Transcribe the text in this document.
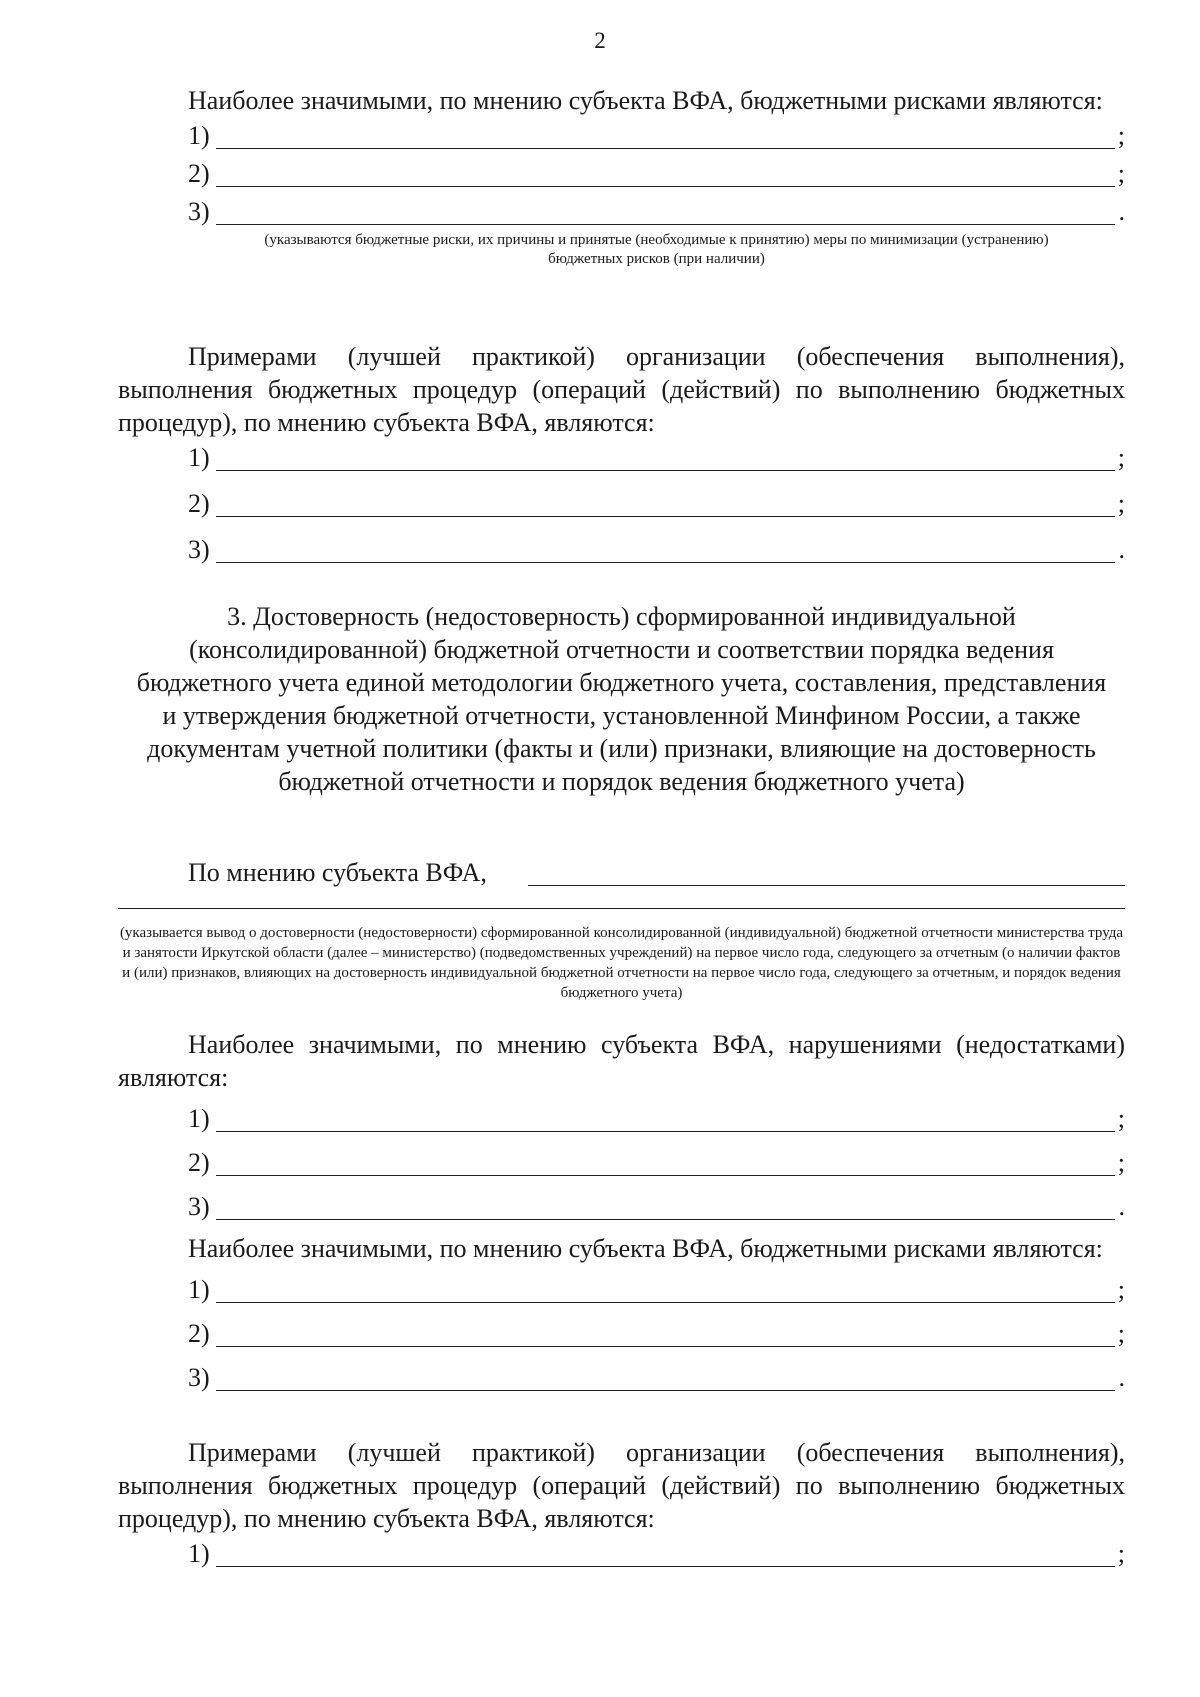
2

Наиболее значимыми, по мнению субъекта ВФА, бюджетными рисками являются:

1)	;
2)	;
3)	.

(указываются бюджетные риски, их причины и принятые (необходимые к принятию) меры по минимизации (устранению) бюджетных рисков (при наличии)

Примерами (лучшей практикой) организации (обеспечения выполнения), выполнения бюджетных процедур (операций (действий) по выполнению бюджетных процедур), по мнению субъекта ВФА, являются:

1)	;
2)	;
3)	.

3. Достоверность (недостоверность) сформированной индивидуальной (консолидированной) бюджетной отчетности и соответствии порядка ведения бюджетного учета единой методологии бюджетного учета, составления, представления и утверждения бюджетной отчетности, установленной Минфином России, а также документам учетной политики (факты и (или) признаки, влияющие на достоверность бюджетной отчетности и порядок ведения бюджетного учета)

По мнению субъекта ВФА,

(указывается вывод о достоверности (недостоверности) сформированной консолидированной (индивидуальной) бюджетной отчетности министерства труда и занятости Иркутской области (далее – министерство) (подведомственных учреждений) на первое число года, следующего за отчетным (о наличии фактов и (или) признаков, влияющих на достоверность индивидуальной бюджетной отчетности на первое число года, следующего за отчетным, и порядок ведения бюджетного учета)

Наиболее значимыми, по мнению субъекта ВФА, нарушениями (недостатками) являются:

1)	;
2)	;
3)	.

Наиболее значимыми, по мнению субъекта ВФА, бюджетными рисками являются:

1)	;
2)	;
3)	.

Примерами (лучшей практикой) организации (обеспечения выполнения), выполнения бюджетных процедур (операций (действий) по выполнению бюджетных процедур), по мнению субъекта ВФА, являются:

1)	;
